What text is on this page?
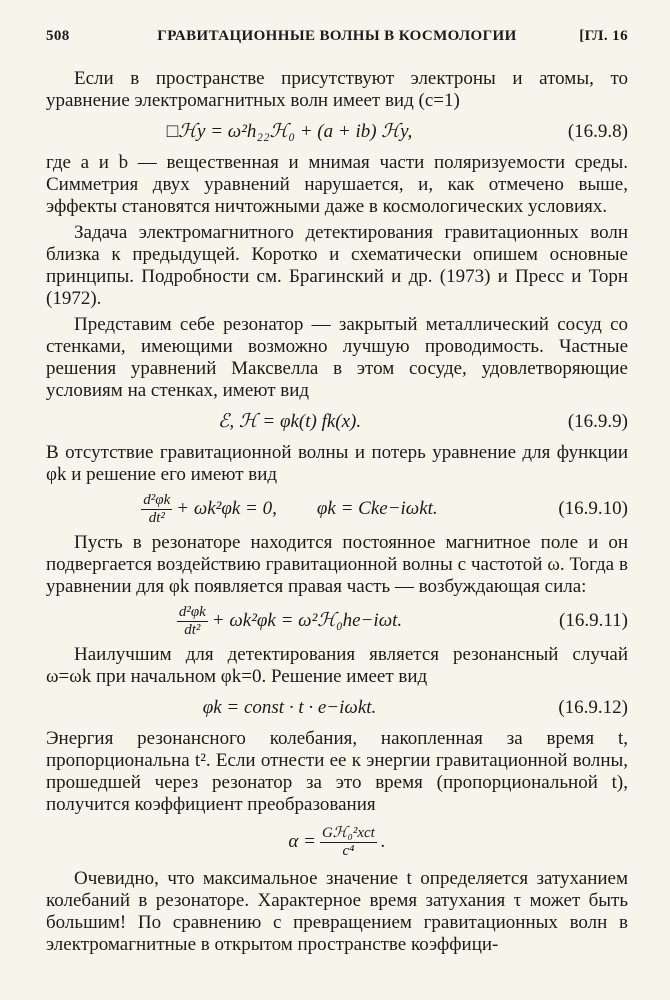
508	ГРАВИТАЦИОННЫЕ ВОЛНЫ В КОСМОЛОГИИ	[ГЛ. 16

Если в пространстве присутствуют электроны и атомы, то уравнение электромагнитных волн имеет вид (c=1)

□ℋy = ω²h₂₂ℋ₀ + (a + ib) ℋy,	(16.9.8)

где a и b — вещественная и мнимая части поляризуемости среды. Симметрия двух уравнений нарушается, и, как отмечено выше, эффекты становятся ничтожными даже в космологических условиях.

Задача электромагнитного детектирования гравитационных волн близка к предыдущей. Коротко и схематически опишем основные принципы. Подробности см. Брагинский и др. (1973) и Пресс и Торн (1972).

Представим себе резонатор — закрытый металлический сосуд со стенками, имеющими возможно лучшую проводимость. Частные решения уравнений Максвелла в этом сосуде, удовлетворяющие условиям на стенках, имеют вид

ℰ, ℋ = φk(t) fk(x).	(16.9.9)

В отсутствие гравитационной волны и потерь уравнение для функции φk и решение его имеют вид

$\frac{\text{d²φk}}{\text{dt²}} + \omega k^2\varphi k = 0$, φk = Cke−iωkt.	(16.9.10)

Пусть в резонаторе находится постоянное магнитное поле и он подвергается воздействию гравитационной волны с частотой ω. Тогда в уравнении для φk появляется правая часть — возбуждающая сила:

$\frac{\text{d²φk}}{\text{dt²}} + \omega k^2\varphi k$ = ω²ℋ₀he−iωt.	(16.9.11)

Наилучшим для детектирования является резонансный случай ω=ωk при начальном φk=0. Решение имеет вид

φk = const · t · e−iωkt.	(16.9.12)

Энергия резонансного колебания, накопленная за время t, пропорциональна t². Если отнести ее к энергии гравитационной волны, прошедшей через резонатор за это время (пропорциональной t), получится коэффициент преобразования

$\alpha = \frac{\text{Gℋ₀²xct}}{\text{c⁴}}$ .

Очевидно, что максимальное значение t определяется затуханием колебаний в резонаторе. Характерное время затухания τ может быть большим! По сравнению с превращением гравитационных волн в электромагнитные в открытом пространстве коэффици-
